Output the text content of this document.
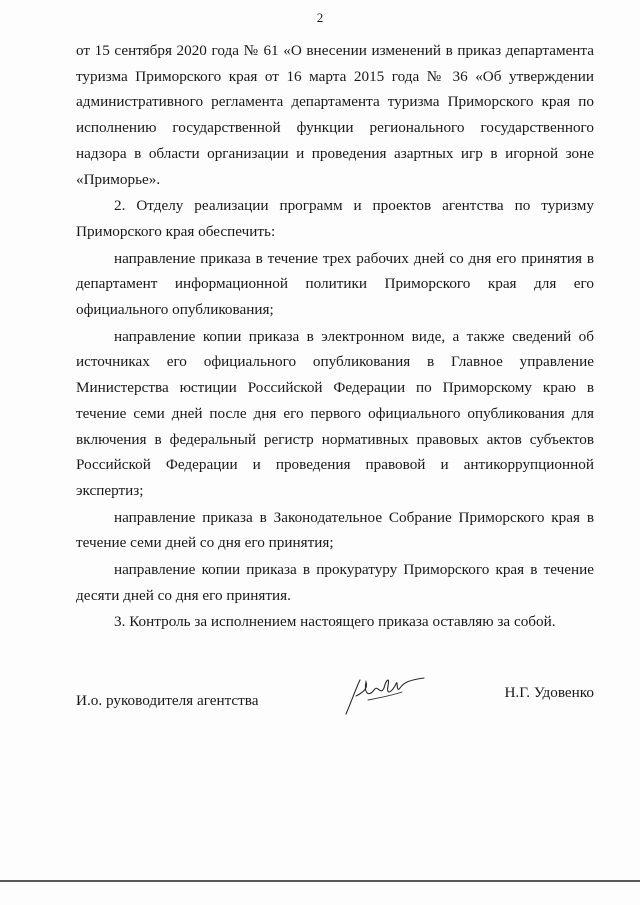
2

от 15 сентября 2020 года № 61 «О внесении изменений в приказ департамента туризма Приморского края от 16 марта 2015 года № 36 «Об утверждении административного регламента департамента туризма Приморского края по исполнению государственной функции регионального государственного надзора в области организации и проведения азартных игр в игорной зоне «Приморье».

2. Отделу реализации программ и проектов агентства по туризму Приморского края обеспечить:

направление приказа в течение трех рабочих дней со дня его принятия в департамент информационной политики Приморского края для его официального опубликования;

направление копии приказа в электронном виде, а также сведений об источниках его официального опубликования в Главное управление Министерства юстиции Российской Федерации по Приморскому краю в течение семи дней после дня его первого официального опубликования для включения в федеральный регистр нормативных правовых актов субъектов Российской Федерации и проведения правовой и антикоррупционной экспертиз;

направление приказа в Законодательное Собрание Приморского края в течение семи дней со дня его принятия;

направление копии приказа в прокуратуру Приморского края в течение десяти дней со дня его принятия.

3. Контроль за исполнением настоящего приказа оставляю за собой.

И.о. руководителя агентства	Н.Г. Удовенко
